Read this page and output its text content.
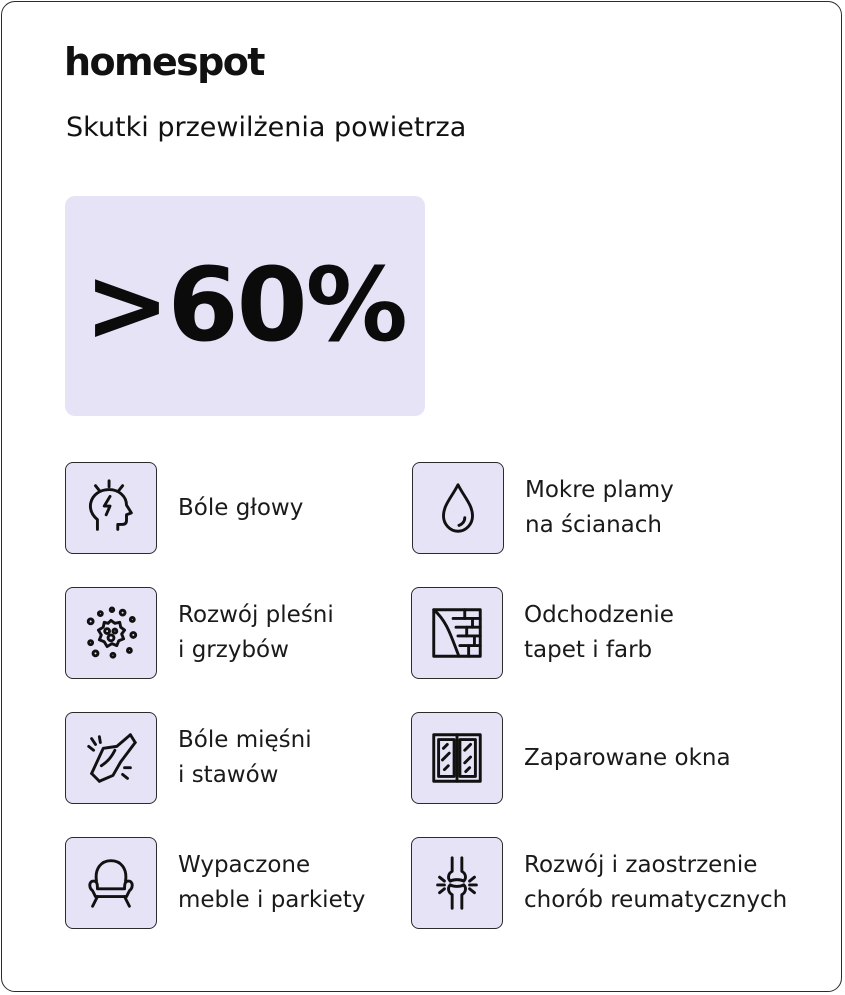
homespot
Skutki przewilżenia powietrza
>60%
Bóle głowy
Mokre plamy
na ścianach
Rozwój pleśni
i grzybów
Odchodzenie
tapet i farb
Bóle mięśni
i stawów
Zaparowane okna
Wypaczone
meble i parkiety
Rozwój i zaostrzenie
chorób reumatycznych
